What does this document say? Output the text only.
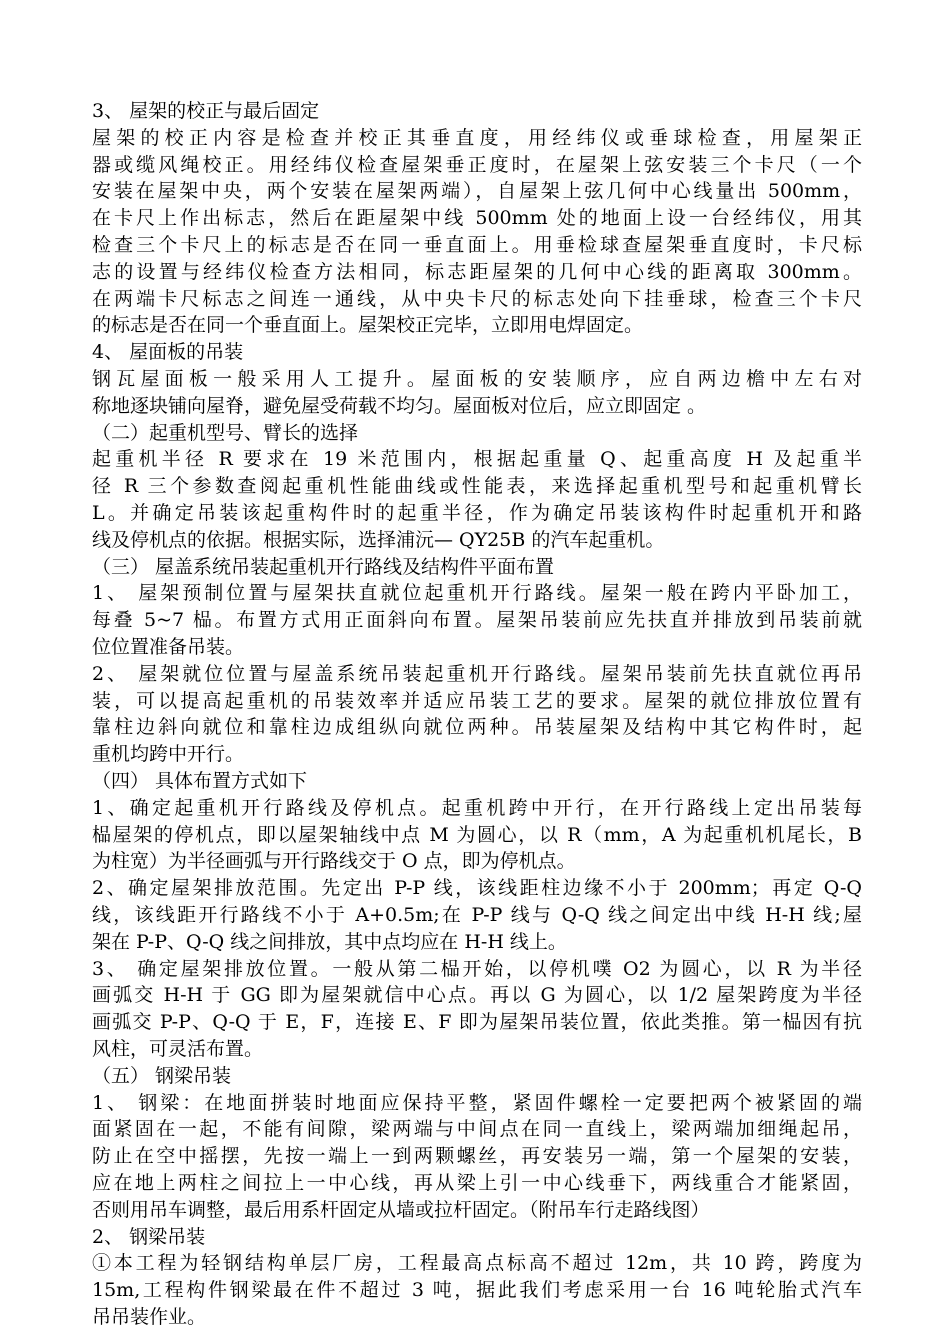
3、 屋架的校正与最后固定
屋架的校正内容是检查并校正其垂直度，用经纬仪或垂球检查，用屋架正
器或缆风绳校正。用经纬仪检查屋架垂正度时，在屋架上弦安装三个卡尺（一个
安装在屋架中央，两个安装在屋架两端），自屋架上弦几何中心线量出 500mm，
在卡尺上作出标志，然后在距屋架中线 500mm 处的地面上设一台经纬仪，用其
检查三个卡尺上的标志是否在同一垂直面上。用垂检球查屋架垂直度时，卡尺标
志的设置与经纬仪检查方法相同，标志距屋架的几何中心线的距离取 300mm。
在两端卡尺标志之间连一通线，从中央卡尺的标志处向下挂垂球，检查三个卡尺
的标志是否在同一个垂直面上。屋架校正完毕，立即用电焊固定。
4、 屋面板的吊装
钢瓦屋面板一般采用人工提升。屋面板的安装顺序，应自两边檐中左右对
称地逐块铺向屋脊，避免屋受荷载不均匀。屋面板对位后，应立即固定 。
（二）起重机型号、臂长的选择
起重机半径 R 要求在 19 米范围内，根据起重量 Q、起重高度 H 及起重半
径 R 三个参数查阅起重机性能曲线或性能表，来选择起重机型号和起重机臂长
L。并确定吊装该起重构件时的起重半径，作为确定吊装该构件时起重机开和路
线及停机点的依据。根据实际，选择浦沅— QY25B 的汽车起重机。
（三） 屋盖系统吊装起重机开行路线及结构件平面布置
1、 屋架预制位置与屋架扶直就位起重机开行路线。屋架一般在跨内平卧加工，
每叠 5~7 榀。布置方式用正面斜向布置。屋架吊装前应先扶直并排放到吊装前就
位位置准备吊装。
2、 屋架就位位置与屋盖系统吊装起重机开行路线。屋架吊装前先扶直就位再吊
装，可以提高起重机的吊装效率并适应吊装工艺的要求。屋架的就位排放位置有
靠柱边斜向就位和靠柱边成组纵向就位两种。吊装屋架及结构中其它构件时，起
重机均跨中开行。
（四） 具体布置方式如下
1、确定起重机开行路线及停机点。起重机跨中开行，在开行路线上定出吊装每
榀屋架的停机点，即以屋架轴线中点 M 为圆心，以 R（mm，A 为起重机机尾长，B
为柱宽）为半径画弧与开行路线交于 O 点，即为停机点。
2、确定屋架排放范围。先定出 P-P 线，该线距柱边缘不小于 200mm；再定 Q-Q
线，该线距开行路线不小于 A+0.5m;在 P-P 线与 Q-Q 线之间定出中线 H-H 线;屋
架在 P-P、Q-Q 线之间排放，其中点均应在 H-H 线上。
3、 确定屋架排放位置。一般从第二榀开始，以停机噗 O2 为圆心，以 R 为半径
画弧交 H-H 于 GG 即为屋架就信中心点。再以 G 为圆心，以 1/2 屋架跨度为半径
画弧交 P-P、Q-Q 于 E，F，连接 E、F 即为屋架吊装位置，依此类推。第一榀因有抗
风柱，可灵活布置。
（五） 钢梁吊装
1、 钢梁：在地面拼装时地面应保持平整，紧固件螺栓一定要把两个被紧固的端
面紧固在一起，不能有间隙，梁两端与中间点在同一直线上，梁两端加细绳起吊，
防止在空中摇摆，先按一端上一到两颗螺丝，再安装另一端，第一个屋架的安装，
应在地上两柱之间拉上一中心线，再从梁上引一中心线垂下，两线重合才能紧固，
否则用吊车调整，最后用系杆固定从墙或拉杆固定。（附吊车行走路线图）
2、 钢梁吊装
①本工程为轻钢结构单层厂房，工程最高点标高不超过 12m，共 10 跨，跨度为
15m,工程构件钢梁最在件不超过 3 吨，据此我们考虑采用一台 16 吨轮胎式汽车
吊吊装作业。
